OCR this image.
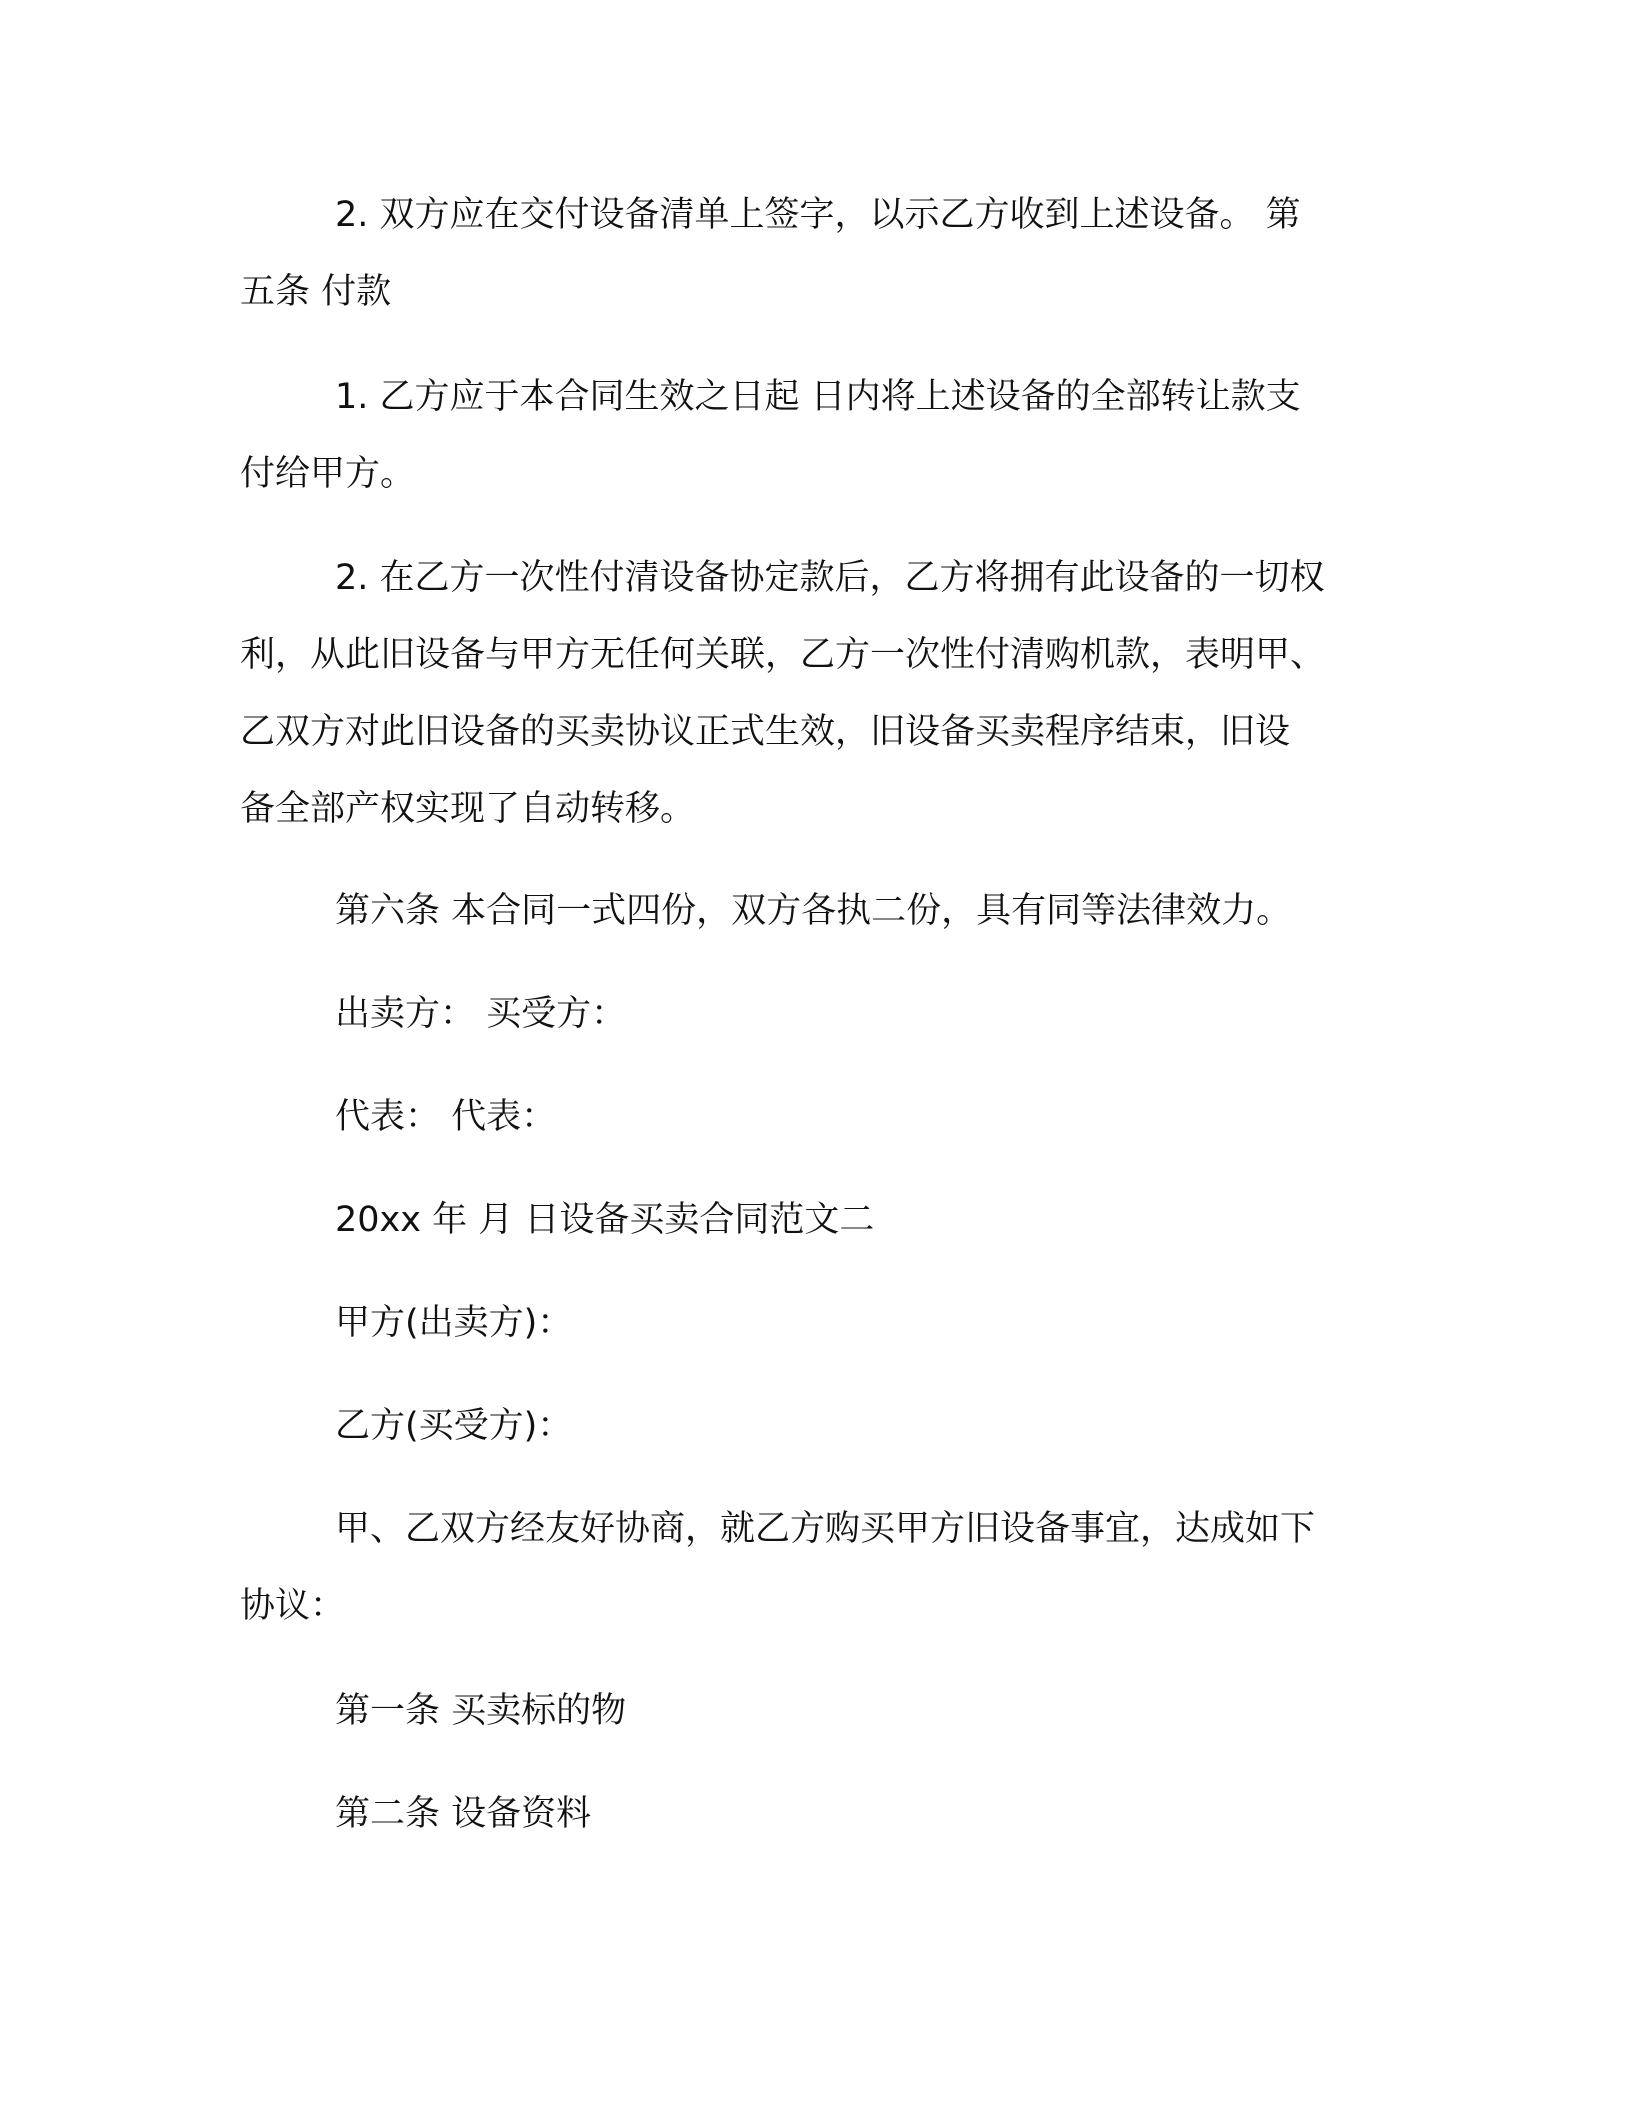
2. 双方应在交付设备清单上签字，以示乙方收到上述设备。 第
五条 付款

1. 乙方应于本合同生效之日起 日内将上述设备的全部转让款支
付给甲方。

2. 在乙方一次性付清设备协定款后，乙方将拥有此设备的一切权
利，从此旧设备与甲方无任何关联，乙方一次性付清购机款，表明甲、
乙双方对此旧设备的买卖协议正式生效，旧设备买卖程序结束，旧设
备全部产权实现了自动转移。

第六条 本合同一式四份，双方各执二份，具有同等法律效力。

出卖方： 买受方：

代表： 代表：

20xx 年 月 日设备买卖合同范文二

甲方(出卖方)：

乙方(买受方)：

甲、乙双方经友好协商，就乙方购买甲方旧设备事宜，达成如下
协议：

第一条 买卖标的物

第二条 设备资料
